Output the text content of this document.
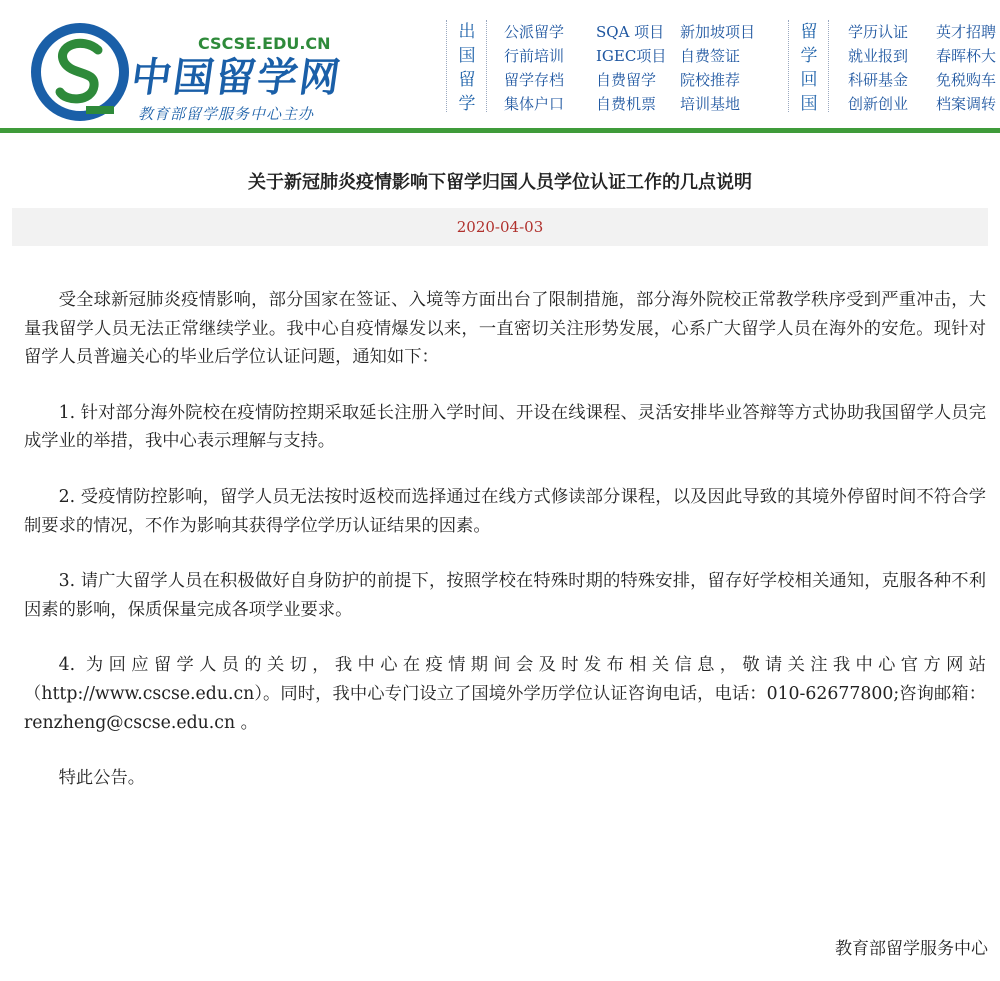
CSCSE.EDU.CN
中国留学网
教育部留学服务中心主办
出
国
留
学
公派留学
行前培训
留学存档
集体户口
SQA 项目
IGEC项目
自费留学
自费机票
新加坡项目
自费签证
院校推荐
培训基地
留
学
回
国
学历认证
就业报到
科研基金
创新创业
英才招聘
春晖杯大
免税购车
档案调转
关于新冠肺炎疫情影响下留学归国人员学位认证工作的几点说明
2020-04-03

受全球新冠肺炎疫情影响，部分国家在签证、入境等方面出台了限制措施，部分海外院校正常教学秩序受到严重冲击，大量我留学人员无法正常继续学业。我中心自疫情爆发以来，一直密切关注形势发展，心系广大留学人员在海外的安危。现针对留学人员普遍关心的毕业后学位认证问题，通知如下：

1. 针对部分海外院校在疫情防控期采取延长注册入学时间、开设在线课程、灵活安排毕业答辩等方式协助我国留学人员完成学业的举措，我中心表示理解与支持。

2. 受疫情防控影响，留学人员无法按时返校而选择通过在线方式修读部分课程，以及因此导致的其境外停留时间不符合学制要求的情况，不作为影响其获得学位学历认证结果的因素。

3. 请广大留学人员在积极做好自身防护的前提下，按照学校在特殊时期的特殊安排，留存好学校相关通知，克服各种不利因素的影响，保质保量完成各项学业要求。

4. 为回应留学人员的关切，我中心在疫情期间会及时发布相关信息，敬请关注我中心官方网站（http://www.cscse.edu.cn）。同时，我中心专门设立了国境外学历学位认证咨询电话，电话：010-62677800;咨询邮箱：renzheng@cscse.edu.cn 。

特此公告。

教育部留学服务中心
